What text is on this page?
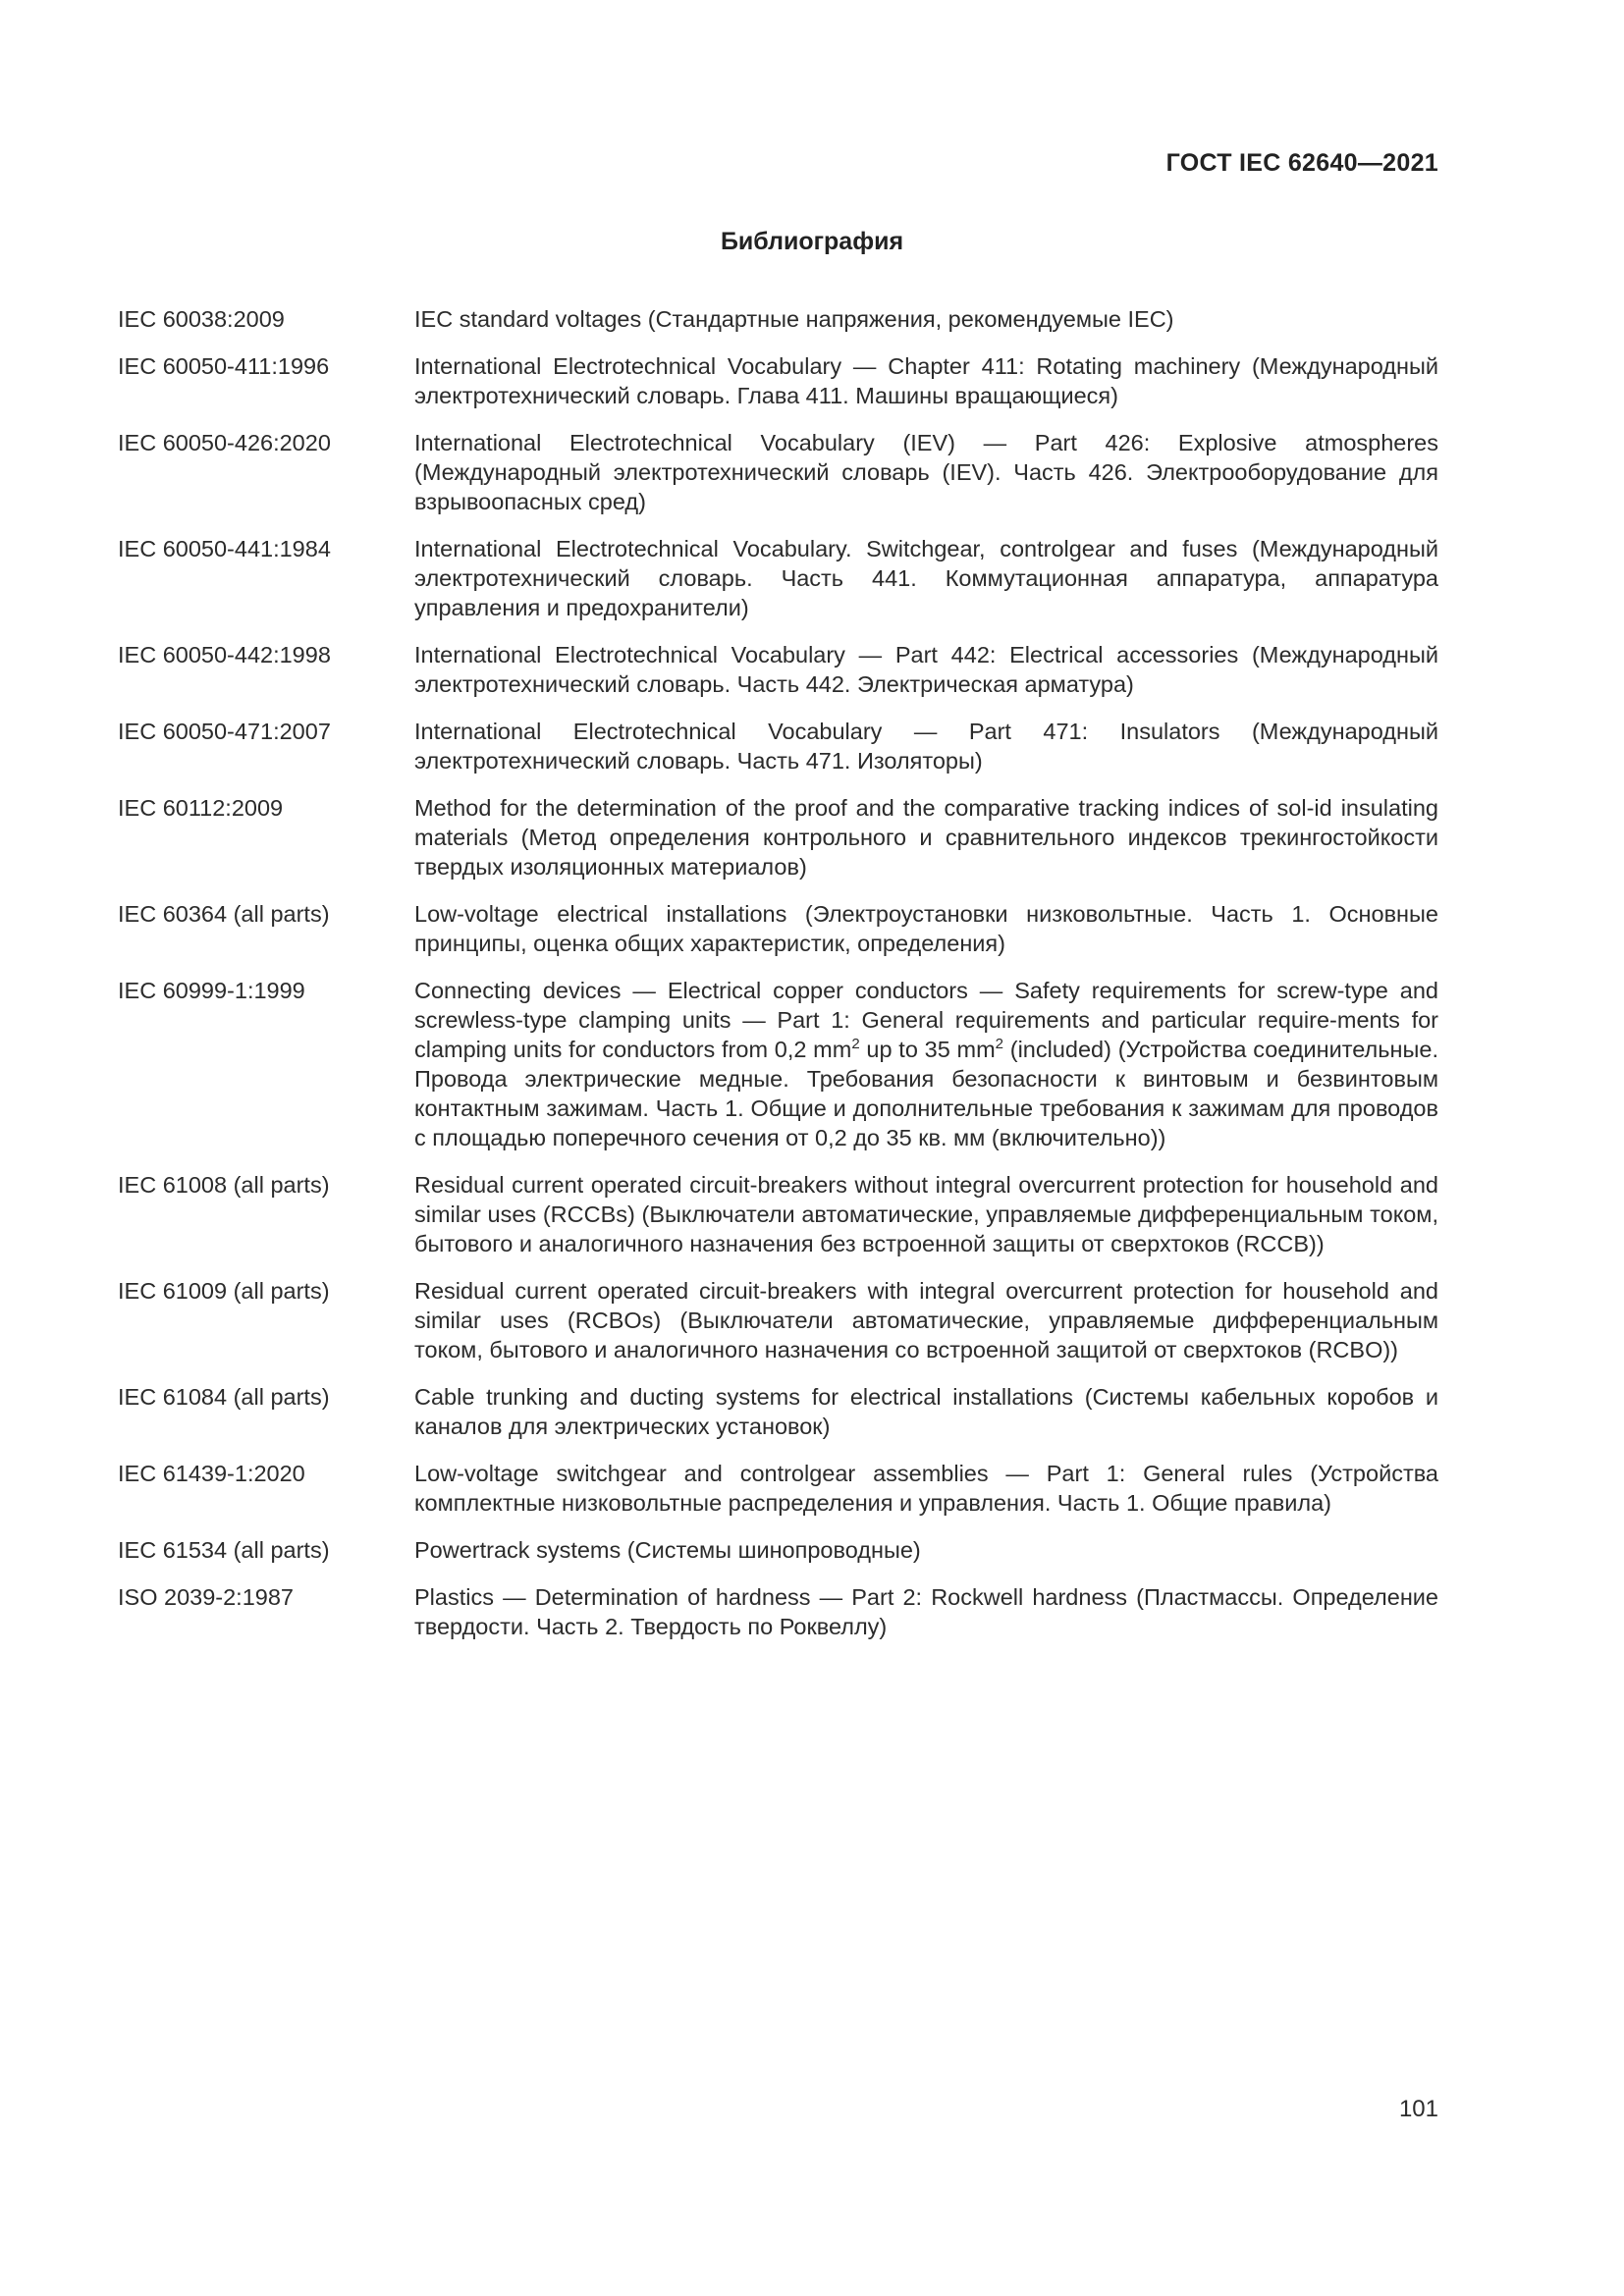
ГОСТ IEC 62640—2021
Библиография
IEC 60038:2009	IEC standard voltages (Стандартные напряжения, рекомендуемые IEC)
IEC 60050-411:1996	International Electrotechnical Vocabulary — Chapter 411: Rotating machinery (Международный электротехнический словарь. Глава 411. Машины вращающиеся)
IEC 60050-426:2020	International Electrotechnical Vocabulary (IEV) — Part 426: Explosive atmospheres (Международный электротехнический словарь (IEV). Часть 426. Электрооборудование для взрывоопасных сред)
IEC 60050-441:1984	International Electrotechnical Vocabulary. Switchgear, controlgear and fuses (Международный электротехнический словарь. Часть 441. Коммутационная аппаратура, аппаратура управления и предохранители)
IEC 60050-442:1998	International Electrotechnical Vocabulary — Part 442: Electrical accessories (Международный электротехнический словарь. Часть 442. Электрическая арматура)
IEC 60050-471:2007	International Electrotechnical Vocabulary — Part 471: Insulators (Международный электротехнический словарь. Часть 471. Изоляторы)
IEC 60112:2009	Method for the determination of the proof and the comparative tracking indices of sol-id insulating materials (Метод определения контрольного и сравнительного индексов трекингостойкости твердых изоляционных материалов)
IEC 60364 (all parts)	Low-voltage electrical installations (Электроустановки низковольтные. Часть 1. Основные принципы, оценка общих характеристик, определения)
IEC 60999-1:1999	Connecting devices — Electrical copper conductors — Safety requirements for screw-type and screwless-type clamping units — Part 1: General requirements and particular require-ments for clamping units for conductors from 0,2 $mm^2$ up to 35 $mm^2$ (included) (Устройства соединительные. Провода электрические медные. Требования безопасности к винтовым и безвинтовым контактным зажимам. Часть 1. Общие и дополнительные требования к зажимам для проводов с площадью поперечного сечения от 0,2 до 35 кв. мм (включительно))
IEC 61008 (all parts)	Residual current operated circuit-breakers without integral overcurrent protection for household and similar uses (RCCBs) (Выключатели автоматические, управляемые дифференциальным током, бытового и аналогичного назначения без встроенной защиты от сверхтоков (RCCB))
IEC 61009 (all parts)	Residual current operated circuit-breakers with integral overcurrent protection for household and similar uses (RCBOs) (Выключатели автоматические, управляемые дифференциальным током, бытового и аналогичного назначения со встроенной защитой от сверхтоков (RCBO))
IEC 61084 (all parts)	Cable trunking and ducting systems for electrical installations (Системы кабельных коробов и каналов для электрических установок)
IEC 61439-1:2020	Low-voltage switchgear and controlgear assemblies — Part 1: General rules (Устройства комплектные низковольтные распределения и управления. Часть 1. Общие правила)
IEC 61534 (all parts)	Powertrack systems (Системы шинопроводные)
ISO 2039-2:1987	Plastics — Determination of hardness — Part 2: Rockwell hardness (Пластмассы. Определение твердости. Часть 2. Твердость по Роквеллу)
101
